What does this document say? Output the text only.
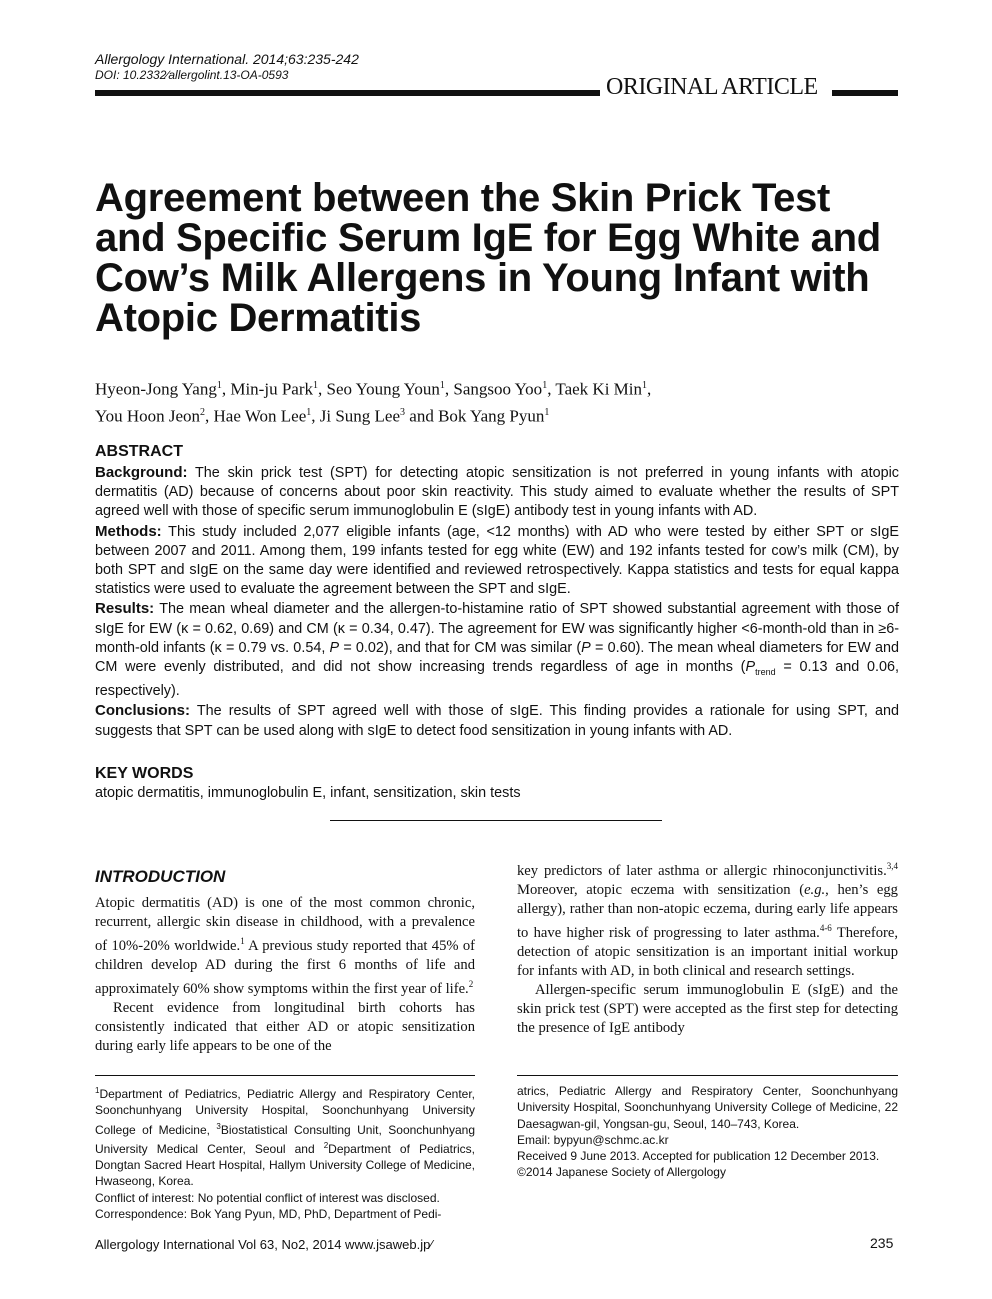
Allergology International. 2014;63:235-242
DOI: 10.2332∕allergolint.13-OA-0593	ORIGINAL ARTICLE
Agreement between the Skin Prick Test and Specific Serum IgE for Egg White and Cow’s Milk Allergens in Young Infant with Atopic Dermatitis
Hyeon-Jong Yang$^1$, Min-ju Park$^1$, Seo Young Youn$^1$, Sangsoo Yoo$^1$, Taek Ki Min$^1$,
You Hoon Jeon$^2$, Hae Won Lee$^1$, Ji Sung Lee$^3$ and Bok Yang Pyun$^1$
ABSTRACT

Background: The skin prick test (SPT) for detecting atopic sensitization is not preferred in young infants with atopic dermatitis (AD) because of concerns about poor skin reactivity. This study aimed to evaluate whether the results of SPT agreed well with those of specific serum immunoglobulin E (sIgE) antibody test in young infants with AD.

Methods: This study included 2,077 eligible infants (age, <12 months) with AD who were tested by either SPT or sIgE between 2007 and 2011. Among them, 199 infants tested for egg white (EW) and 192 infants tested for cow’s milk (CM), by both SPT and sIgE on the same day were identified and reviewed retrospectively. Kappa statistics and tests for equal kappa statistics were used to evaluate the agreement between the SPT and sIgE.

Results: The mean wheal diameter and the allergen-to-histamine ratio of SPT showed substantial agreement with those of sIgE for EW (κ = 0.62, 0.69) and CM (κ = 0.34, 0.47). The agreement for EW was significantly higher <6-month-old than in ≥6-month-old infants (κ = 0.79 vs. 0.54, P = 0.02), and that for CM was similar (P = 0.60). The mean wheal diameters for EW and CM were evenly distributed, and did not show increasing trends regardless of age in months ($P_{trend} = 0.13$ and 0.06, respectively).

Conclusions: The results of SPT agreed well with those of sIgE. This finding provides a rationale for using SPT, and suggests that SPT can be used along with sIgE to detect food sensitization in young infants with AD.

KEY WORDS
atopic dermatitis, immunoglobulin E, infant, sensitization, skin tests
INTRODUCTION

Atopic dermatitis (AD) is one of the most common chronic, recurrent, allergic skin disease in childhood, with a prevalence of 10%-20% worldwide.$^1$ A previous study reported that 45% of children develop AD during the first 6 months of life and approximately 60% show symptoms within the first year of life.$^2$

Recent evidence from longitudinal birth cohorts has consistently indicated that either AD or atopic sensitization during early life appears to be one of the

$^1$Department of Pediatrics, Pediatric Allergy and Respiratory Center, Soonchunhyang University Hospital, Soonchunhyang University College of Medicine, $^3$Biostatistical Consulting Unit, Soonchunhyang University Medical Center, Seoul and $^2$Department of Pediatrics, Dongtan Sacred Heart Hospital, Hallym University College of Medicine, Hwaseong, Korea.

Conflict of interest: No potential conflict of interest was disclosed.

Correspondence: Bok Yang Pyun, MD, PhD, Department of Pedi-

atrics, Pediatric Allergy and Respiratory Center, Soonchunhyang University Hospital, Soonchunhyang University College of Medicine, 22 Daesagwan-gil, Yongsan-gu, Seoul, 140–743, Korea.

Email: bypyun@schmc.ac.kr

Received 9 June 2013. Accepted for publication 12 December 2013.

©2014 Japanese Society of Allergology

Allergology International Vol 63, No2, 2014 www.jsaweb.jp∕	235

key predictors of later asthma or allergic rhinoconjunctivitis.$^{3,4}$ Moreover, atopic eczema with sensitization (e.g., hen’s egg allergy), rather than non-atopic eczema, during early life appears to have higher risk of progressing to later asthma.$^{4-6}$ Therefore, detection of atopic sensitization is an important initial workup for infants with AD, in both clinical and research settings.

Allergen-specific serum immunoglobulin E (sIgE) and the skin prick test (SPT) were accepted as the first step for detecting the presence of IgE antibody
